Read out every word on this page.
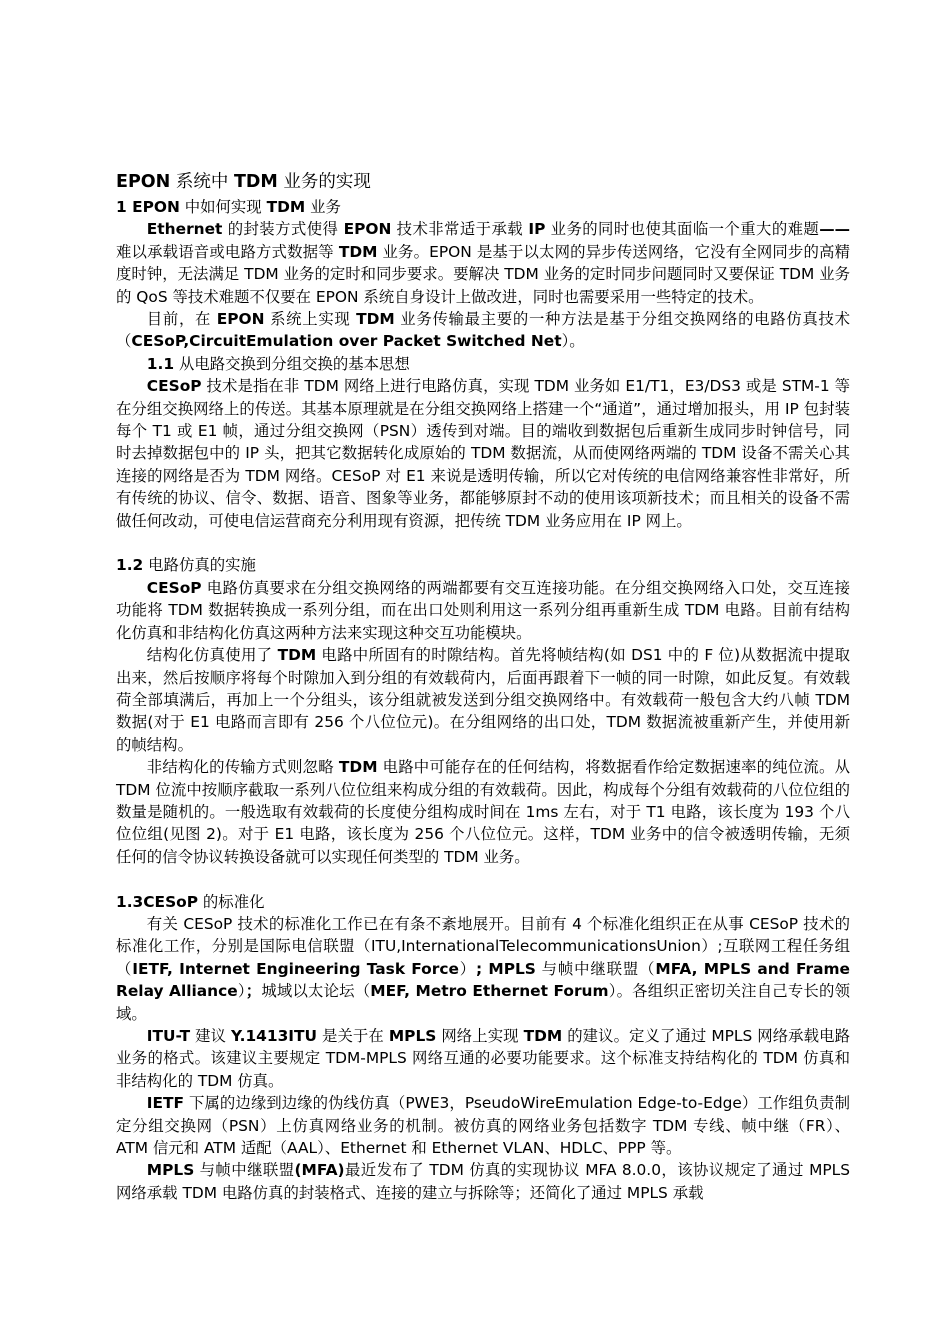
EPON 系统中 TDM 业务的实现
1 EPON 中如何实现 TDM 业务
Ethernet 的封装方式使得 EPON 技术非常适于承载 IP 业务的同时也使其面临一个重大的难题——难以承载语音或电路方式数据等 TDM 业务。EPON 是基于以太网的异步传送网络，它没有全网同步的高精度时钟，无法满足 TDM 业务的定时和同步要求。要解决 TDM 业务的定时同步问题同时又要保证 TDM 业务的 QoS 等技术难题不仅要在 EPON 系统自身设计上做改进，同时也需要采用一些特定的技术。
目前，在 EPON 系统上实现 TDM 业务传输最主要的一种方法是基于分组交换网络的电路仿真技术（CESoP,CircuitEmulation over Packet Switched Net）。
1.1 从电路交换到分组交换的基本思想
CESoP 技术是指在非 TDM 网络上进行电路仿真，实现 TDM 业务如 E1/T1，E3/DS3 或是 STM-1 等在分组交换网络上的传送。其基本原理就是在分组交换网络上搭建一个“通道”，通过增加报头，用 IP 包封装每个 T1 或 E1 帧，通过分组交换网（PSN）透传到对端。目的端收到数据包后重新生成同步时钟信号，同时去掉数据包中的 IP 头，把其它数据转化成原始的 TDM 数据流，从而使网络两端的 TDM 设备不需关心其连接的网络是否为 TDM 网络。CESoP 对 E1 来说是透明传输，所以它对传统的电信网络兼容性非常好，所有传统的协议、信令、数据、语音、图象等业务，都能够原封不动的使用该项新技术；而且相关的设备不需做任何改动，可使电信运营商充分利用现有资源，把传统 TDM 业务应用在 IP 网上。
1.2 电路仿真的实施
CESoP 电路仿真要求在分组交换网络的两端都要有交互连接功能。在分组交换网络入口处，交互连接功能将 TDM 数据转换成一系列分组，而在出口处则利用这一系列分组再重新生成 TDM 电路。目前有结构化仿真和非结构化仿真这两种方法来实现这种交互功能模块。
结构化仿真使用了 TDM 电路中所固有的时隙结构。首先将帧结构(如 DS1 中的 F 位)从数据流中提取出来，然后按顺序将每个时隙加入到分组的有效载荷内，后面再跟着下一帧的同一时隙，如此反复。有效载荷全部填满后，再加上一个分组头，该分组就被发送到分组交换网络中。有效载荷一般包含大约八帧 TDM 数据(对于 E1 电路而言即有 256 个八位位元)。在分组网络的出口处，TDM 数据流被重新产生，并使用新的帧结构。
非结构化的传输方式则忽略 TDM 电路中可能存在的任何结构，将数据看作给定数据速率的纯位流。从 TDM 位流中按顺序截取一系列八位位组来构成分组的有效载荷。因此，构成每个分组有效载荷的八位位组的数量是随机的。一般选取有效载荷的长度使分组构成时间在 1ms 左右，对于 T1 电路，该长度为 193 个八位位组(见图 2)。对于 E1 电路，该长度为 256 个八位位元。这样，TDM 业务中的信令被透明传输，无须任何的信令协议转换设备就可以实现任何类型的 TDM 业务。
1.3CESoP 的标准化
有关 CESoP 技术的标准化工作已在有条不紊地展开。目前有 4 个标准化组织正在从事 CESoP 技术的标准化工作，分别是国际电信联盟（ITU,InternationalTelecommunicationsUnion）;互联网工程任务组（IETF, Internet Engineering Task Force）; MPLS 与帧中继联盟（MFA, MPLS and Frame Relay Alliance）；城域以太论坛（MEF, Metro Ethernet Forum）。各组织正密切关注自己专长的领域。
ITU-T 建议 Y.1413ITU 是关于在 MPLS 网络上实现 TDM 的建议。定义了通过 MPLS 网络承载电路业务的格式。该建议主要规定 TDM-MPLS 网络互通的必要功能要求。这个标准支持结构化的 TDM 仿真和非结构化的 TDM 仿真。
IETF 下属的边缘到边缘的伪线仿真（PWE3，PseudoWireEmulation Edge-to-Edge）工作组负责制定分组交换网（PSN）上仿真网络业务的机制。被仿真的网络业务包括数字 TDM 专线、帧中继（FR）、ATM 信元和 ATM 适配（AAL）、Ethernet 和 Ethernet VLAN、HDLC、PPP 等。
MPLS 与帧中继联盟(MFA)最近发布了 TDM 仿真的实现协议 MFA 8.0.0，该协议规定了通过 MPLS 网络承载 TDM 电路仿真的封装格式、连接的建立与拆除等；还简化了通过 MPLS 承载
